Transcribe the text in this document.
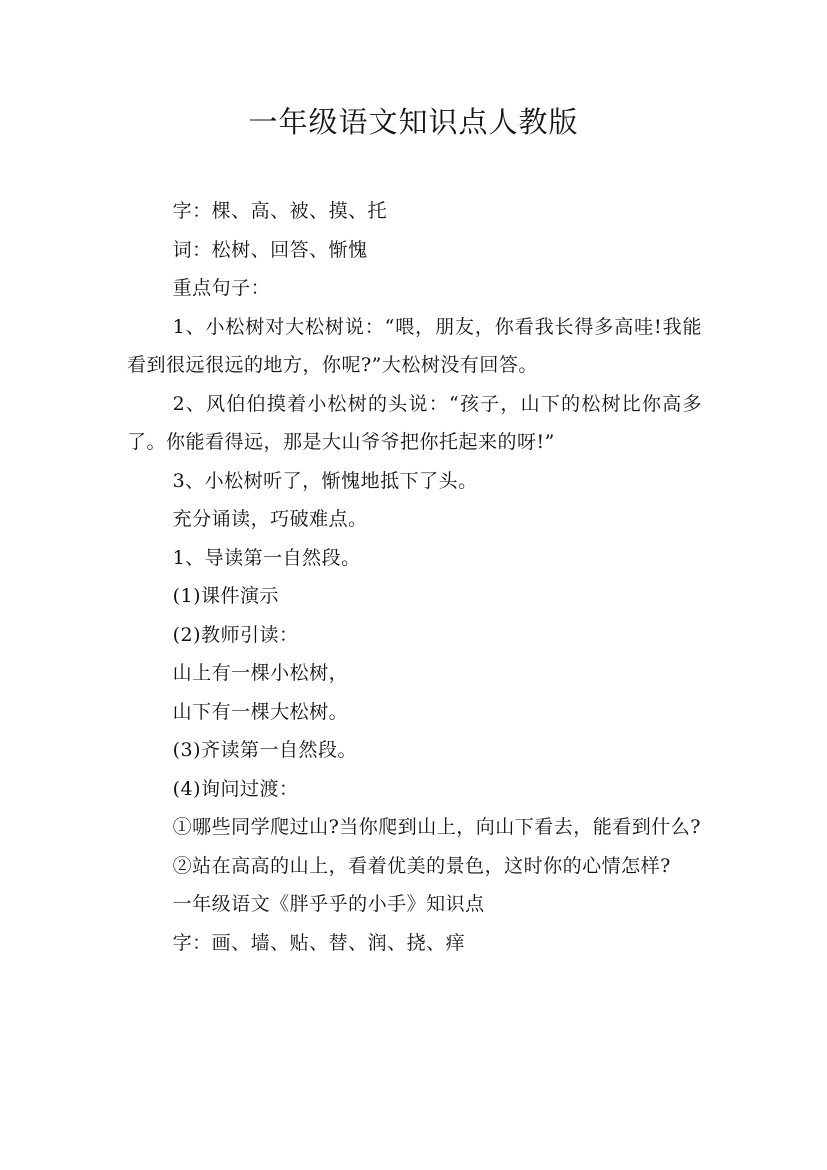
一年级语文知识点人教版

字：棵、高、被、摸、托

词：松树、回答、惭愧

重点句子：

1、小松树对大松树说：“喂，朋友，你看我长得多高哇!我能看到很远很远的地方，你呢?”大松树没有回答。

2、风伯伯摸着小松树的头说：“孩子，山下的松树比你高多了。你能看得远，那是大山爷爷把你托起来的呀!”

3、小松树听了，惭愧地抵下了头。

充分诵读，巧破难点。

1、导读第一自然段。

(1)课件演示

(2)教师引读：

山上有一棵小松树，

山下有一棵大松树。

(3)齐读第一自然段。

(4)询问过渡：

①哪些同学爬过山?当你爬到山上，向山下看去，能看到什么?

②站在高高的山上，看着优美的景色，这时你的心情怎样?

一年级语文《胖乎乎的小手》知识点

字：画、墙、贴、替、润、挠、痒
